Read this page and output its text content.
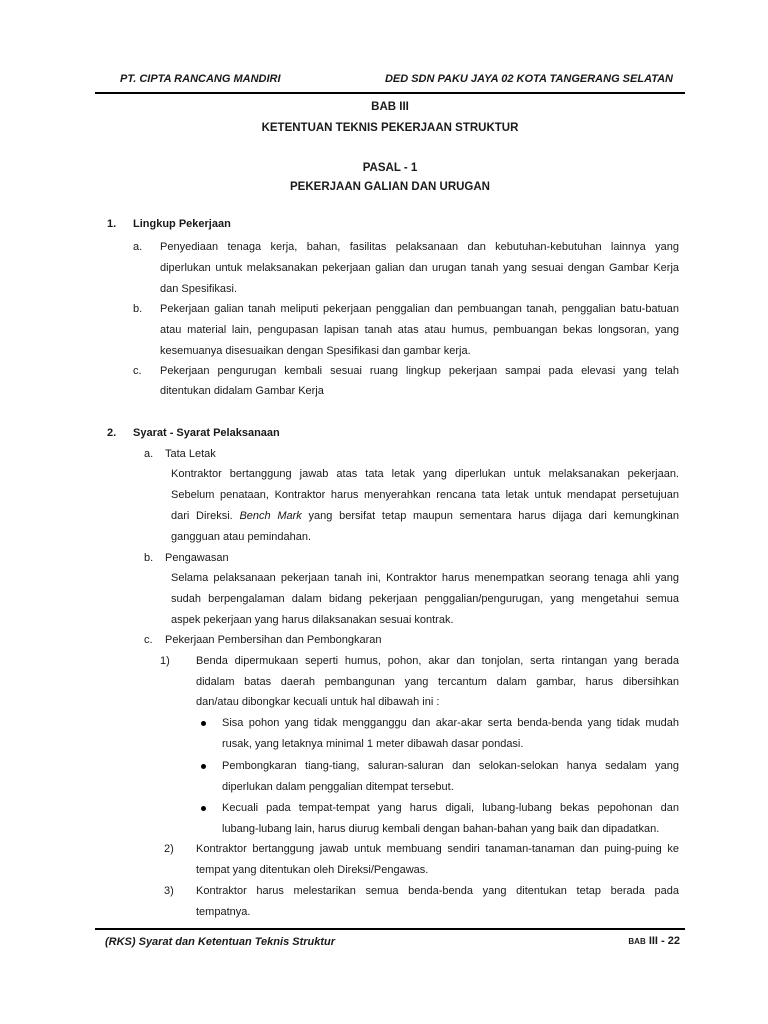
PT. CIPTA RANCANG MANDIRI	DED SDN PAKU JAYA 02 KOTA TANGERANG SELATAN
BAB III
KETENTUAN TEKNIS PEKERJAAN STRUKTUR
PASAL - 1
PEKERJAAN GALIAN DAN URUGAN
1. Lingkup Pekerjaan
a. Penyediaan tenaga kerja, bahan, fasilitas pelaksanaan dan kebutuhan-kebutuhan lainnya yang
diperlukan untuk melaksanakan pekerjaan galian dan urugan tanah yang sesuai dengan Gambar Kerja
dan Spesifikasi.
b. Pekerjaan galian tanah meliputi pekerjaan penggalian dan pembuangan tanah, penggalian batu-batuan
atau material lain, pengupasan lapisan tanah atas atau humus, pembuangan bekas longsoran, yang
kesemuanya disesuaikan dengan Spesifikasi dan gambar kerja.
c. Pekerjaan pengurugan kembali sesuai ruang lingkup pekerjaan sampai pada elevasi yang telah
ditentukan didalam Gambar Kerja
2. Syarat - Syarat Pelaksanaan
a. Tata Letak
Kontraktor bertanggung jawab atas tata letak yang diperlukan untuk melaksanakan pekerjaan.
Sebelum penataan, Kontraktor harus menyerahkan rencana tata letak untuk mendapat persetujuan
dari Direksi. Bench Mark yang bersifat tetap maupun sementara harus dijaga dari kemungkinan
gangguan atau pemindahan.
b. Pengawasan
Selama pelaksanaan pekerjaan tanah ini, Kontraktor harus menempatkan seorang tenaga ahli yang
sudah berpengalaman dalam bidang pekerjaan penggalian/pengurugan, yang mengetahui semua
aspek pekerjaan yang harus dilaksanakan sesuai kontrak.
c. Pekerjaan Pembersihan dan Pembongkaran
1) Benda dipermukaan seperti humus, pohon, akar dan tonjolan, serta rintangan yang berada
didalam batas daerah pembangunan yang tercantum dalam gambar, harus dibersihkan
dan/atau dibongkar kecuali untuk hal dibawah ini :
Sisa pohon yang tidak mengganggu dan akar-akar serta benda-benda yang tidak mudah
rusak, yang letaknya minimal 1 meter dibawah dasar pondasi.
Pembongkaran tiang-tiang, saluran-saluran dan selokan-selokan hanya sedalam yang
diperlukan dalam penggalian ditempat tersebut.
Kecuali pada tempat-tempat yang harus digali, lubang-lubang bekas pepohonan dan
lubang-lubang lain, harus diurug kembali dengan bahan-bahan yang baik dan dipadatkan.
2) Kontraktor bertanggung jawab untuk membuang sendiri tanaman-tanaman dan puing-puing ke
tempat yang ditentukan oleh Direksi/Pengawas.
3) Kontraktor harus melestarikan semua benda-benda yang ditentukan tetap berada pada
tempatnya.
(RKS) Syarat dan Ketentuan Teknis Struktur	BAB III - 22
